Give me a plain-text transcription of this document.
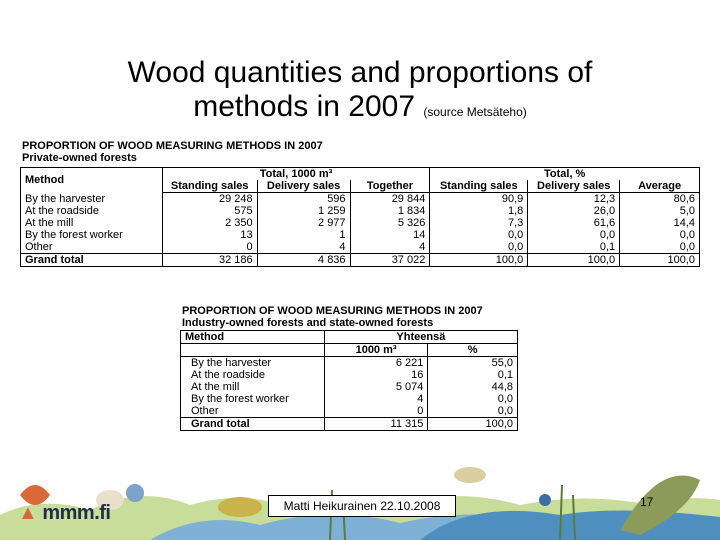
Wood quantities and proportions of
methods in 2007 (source Metsäteho)
PROPORTION OF WOOD MEASURING METHODS IN 2007
Private-owned forests
Method	Total, 1000 m³			Total, %		
	Standing sales	Delivery sales	Together	Standing sales	Delivery sales	Average
By the harvester	29 248	596	29 844	90,9	12,3	80,6
At the roadside	575	1 259	1 834	1,8	26,0	5,0
At the mill	2 350	2 977	5 326	7,3	61,6	14,4
By the forest worker	13	1	14	0,0	0,0	0,0
Other	0	4	4	0,0	0,1	0,0
Grand total	32 186	4 836	37 022	100,0	100,0	100,0
PROPORTION OF WOOD MEASURING METHODS IN 2007
Industry-owned forests and state-owned forests
Method	Yhteensä	
	1000 m³	%
By the harvester	6 221	55,0
At the roadside	16	0,1
At the mill	5 074	44,8
By the forest worker	4	0,0
Other	0	0,0
Grand total	11 315	100,0
▲ mmm.fi	Matti Heikurainen 22.10.2008	17
